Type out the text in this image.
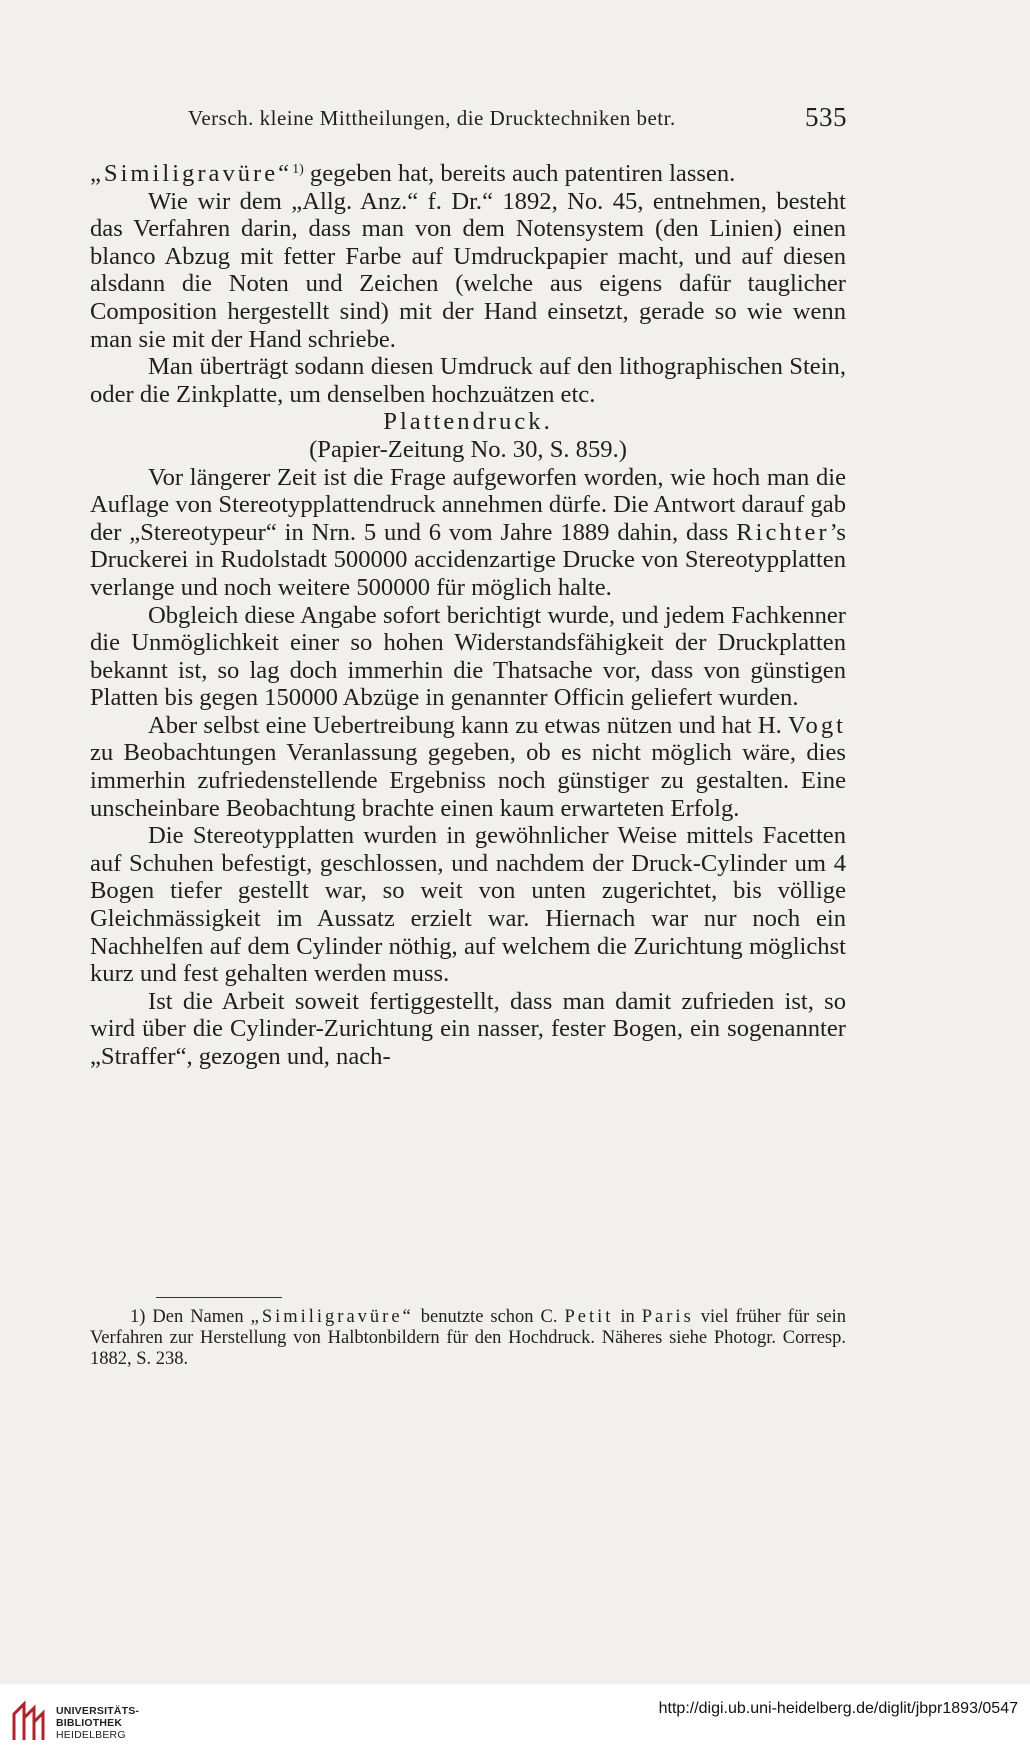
Versch. kleine Mittheilungen, die Drucktechniken betr.	535

„Similigravüre“$^{1)}$ gegeben hat, bereits auch patentiren lassen.

Wie wir dem „Allg. Anz.“ f. Dr.“ 1892, No. 45, entnehmen, besteht das Verfahren darin, dass man von dem Notensystem (den Linien) einen blanco Abzug mit fetter Farbe auf Umdruckpapier macht, und auf diesen alsdann die Noten und Zeichen (welche aus eigens dafür tauglicher Composition hergestellt sind) mit der Hand einsetzt, gerade so wie wenn man sie mit der Hand schriebe.

Man überträgt sodann diesen Umdruck auf den lithographischen Stein, oder die Zinkplatte, um denselben hochzuätzen etc.

Plattendruck.

(Papier-Zeitung No. 30, S. 859.)

Vor längerer Zeit ist die Frage aufgeworfen worden, wie hoch man die Auflage von Stereotypplattendruck annehmen dürfe. Die Antwort darauf gab der „Stereotypeur“ in Nrn. 5 und 6 vom Jahre 1889 dahin, dass Richter’s Druckerei in Rudolstadt 500000 accidenzartige Drucke von Stereotypplatten verlange und noch weitere 500000 für möglich halte.

Obgleich diese Angabe sofort berichtigt wurde, und jedem Fachkenner die Unmöglichkeit einer so hohen Widerstandsfähigkeit der Druckplatten bekannt ist, so lag doch immerhin die Thatsache vor, dass von günstigen Platten bis gegen 150000 Abzüge in genannter Officin geliefert wurden.

Aber selbst eine Uebertreibung kann zu etwas nützen und hat H. Vogt zu Beobachtungen Veranlassung gegeben, ob es nicht möglich wäre, dies immerhin zufriedenstellende Ergebniss noch günstiger zu gestalten. Eine unscheinbare Beobachtung brachte einen kaum erwarteten Erfolg.

Die Stereotypplatten wurden in gewöhnlicher Weise mittels Facetten auf Schuhen befestigt, geschlossen, und nachdem der Druck-Cylinder um 4 Bogen tiefer gestellt war, so weit von unten zugerichtet, bis völlige Gleichmässigkeit im Aussatz erzielt war. Hiernach war nur noch ein Nachhelfen auf dem Cylinder nöthig, auf welchem die Zurichtung möglichst kurz und fest gehalten werden muss.

Ist die Arbeit soweit fertiggestellt, dass man damit zufrieden ist, so wird über die Cylinder-Zurichtung ein nasser, fester Bogen, ein sogenannter „Straffer“, gezogen und, nach-

1) Den Namen „Similigravüre“ benutzte schon C. Petit in Paris viel früher für sein Verfahren zur Herstellung von Halbtonbildern für den Hochdruck. Näheres siehe Photogr. Corresp. 1882, S. 238.
UNIVERSITÄTS-
BIBLIOTHEK
HEIDELBERG
http://digi.ub.uni-heidelberg.de/diglit/jbpr1893/0547
